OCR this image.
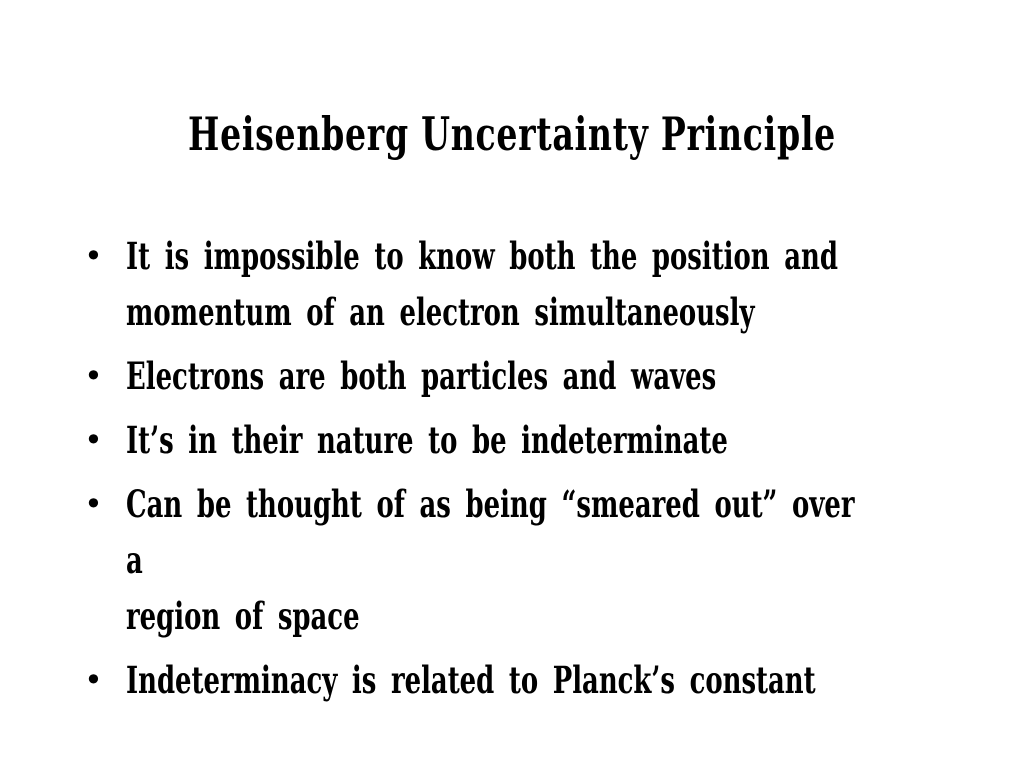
Heisenberg Uncertainty Principle
• It is impossible to know both the position and
momentum of an electron simultaneously
• Electrons are both particles and waves
• It’s in their nature to be indeterminate
• Can be thought of as being “smeared out” over a
region of space
• Indeterminacy is related to Planck’s constant
